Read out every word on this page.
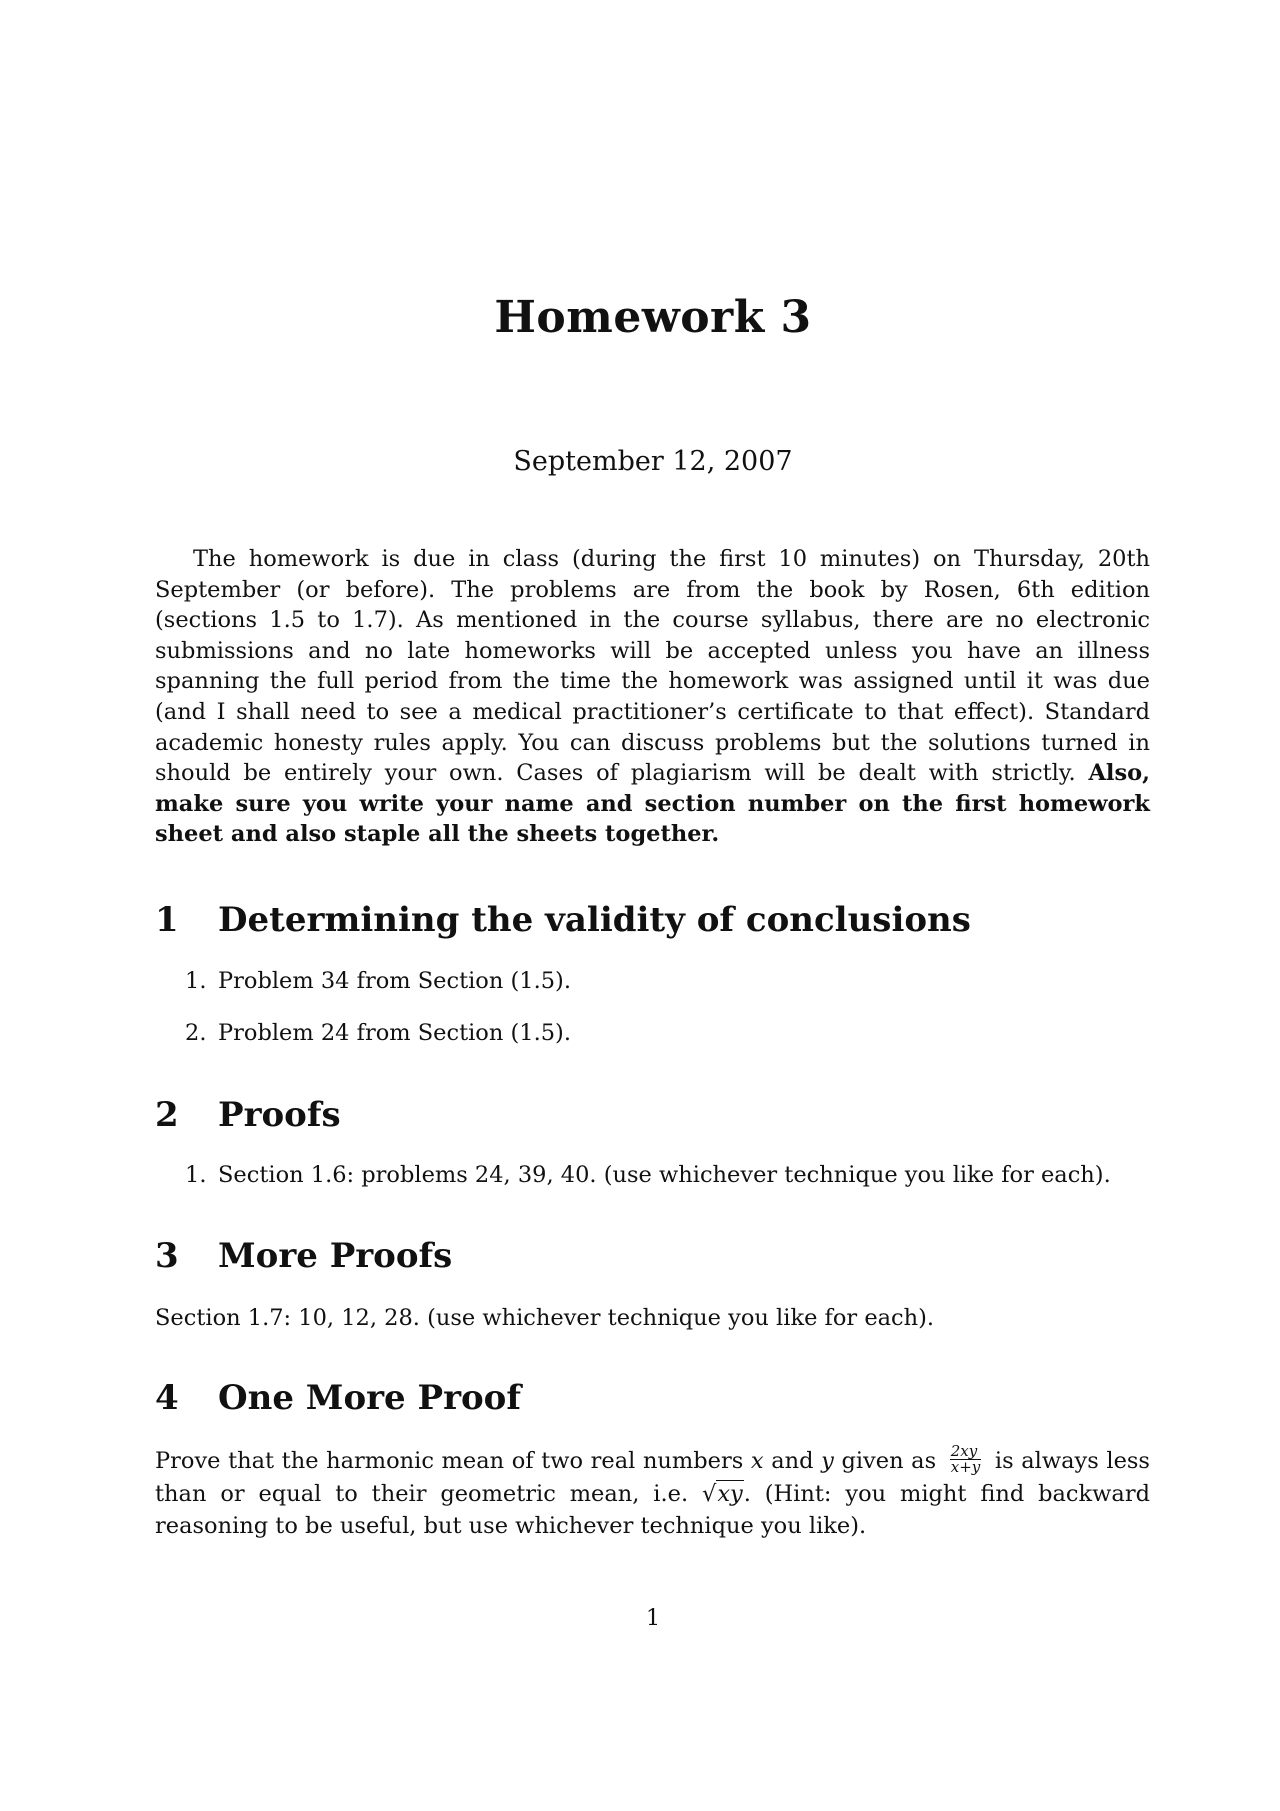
Homework 3
September 12, 2007
The homework is due in class (during the first 10 minutes) on Thursday, 20th September (or before). The problems are from the book by Rosen, 6th edition (sections 1.5 to 1.7). As mentioned in the course syllabus, there are no electronic submissions and no late homeworks will be accepted unless you have an illness spanning the full period from the time the homework was assigned until it was due (and I shall need to see a medical practitioner’s certificate to that effect). Standard academic honesty rules apply. You can discuss problems but the solutions turned in should be entirely your own. Cases of plagiarism will be dealt with strictly. Also, make sure you write your name and section number on the first homework sheet and also staple all the sheets together.
1 Determining the validity of conclusions
1. Problem 34 from Section (1.5).
2. Problem 24 from Section (1.5).
2 Proofs
1. Section 1.6: problems 24, 39, 40. (use whichever technique you like for each).
3 More Proofs
Section 1.7: 10, 12, 28. (use whichever technique you like for each).
4 One More Proof
Prove that the harmonic mean of two real numbers x and y given as $\frac{2xy}{x+y}$ is always less than or equal to their geometric mean, i.e. √xy. (Hint: you might find backward reasoning to be useful, but use whichever technique you like).
1
